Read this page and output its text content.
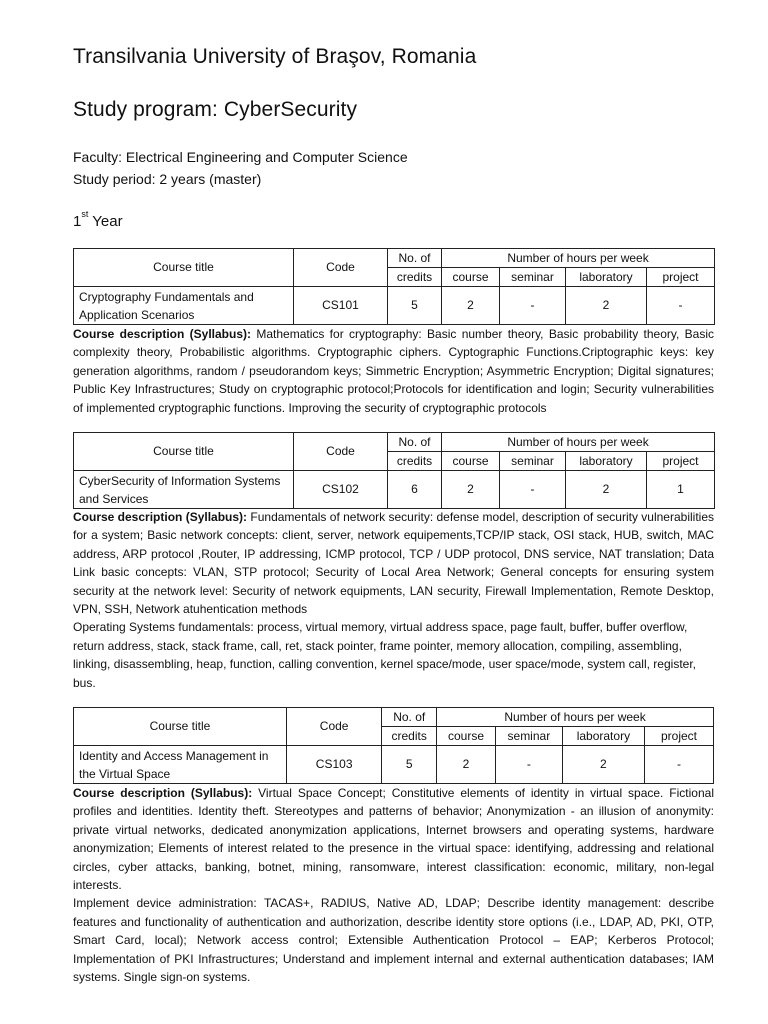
Transilvania University of Braşov, Romania
Study program: CyberSecurity
Faculty: Electrical Engineering and Computer Science
Study period: 2 years (master)
1st Year
Course title	Code	No. of	Number of hours per week			
		credits	course	seminar	laboratory	project
Cryptography Fundamentals and Application Scenarios	CS101	5	2	-	2	-

Course description (Syllabus): Mathematics for cryptography: Basic number theory, Basic probability theory, Basic complexity theory, Probabilistic algorithms. Cryptographic ciphers. Cyptographic Functions.Criptographic keys: key generation algorithms, random / pseudorandom keys; Simmetric Encryption; Asymmetric Encryption; Digital signatures; Public Key Infrastructures; Study on cryptographic protocol;Protocols for identification and login; Security vulnerabilities of implemented cryptographic functions. Improving the security of cryptographic protocols

Course title	Code	No. of	Number of hours per week			
		credits	course	seminar	laboratory	project
CyberSecurity of Information Systems and Services	CS102	6	2	-	2	1

Course description (Syllabus): Fundamentals of network security: defense model, description of security vulnerabilities for a system; Basic network concepts: client, server, network equipements,TCP/IP stack, OSI stack, HUB, switch, MAC address, ARP protocol ,Router, IP addressing, ICMP protocol, TCP / UDP protocol, DNS service, NAT translation; Data Link basic concepts: VLAN, STP protocol; Security of Local Area Network; General concepts for ensuring system security at the network level: Security of network equipments, LAN security, Firewall Implementation, Remote Desktop, VPN, SSH, Network atuhentication methods

Operating Systems fundamentals: process, virtual memory, virtual address space, page fault, buffer, buffer overflow, return address, stack, stack frame, call, ret, stack pointer, frame pointer, memory allocation, compiling, assembling, linking, disassembling, heap, function, calling convention, kernel space/mode, user space/mode, system call, register, bus.

Course title	Code	No. of	Number of hours per week			
		credits	course	seminar	laboratory	project
Identity and Access Management in the Virtual Space	CS103	5	2	-	2	-

Course description (Syllabus): Virtual Space Concept; Constitutive elements of identity in virtual space. Fictional profiles and identities. Identity theft. Stereotypes and patterns of behavior; Anonymization - an illusion of anonymity: private virtual networks, dedicated anonymization applications, Internet browsers and operating systems, hardware anonymization; Elements of interest related to the presence in the virtual space: identifying, addressing and relational circles, cyber attacks, banking, botnet, mining, ransomware, interest classification: economic, military, non-legal interests.

Implement device administration: TACAS+, RADIUS, Native AD, LDAP; Describe identity management: describe features and functionality of authentication and authorization, describe identity store options (i.e., LDAP, AD, PKI, OTP, Smart Card, local); Network access control; Extensible Authentication Protocol – EAP; Kerberos Protocol; Implementation of PKI Infrastructures; Understand and implement internal and external authentication databases; IAM systems. Single sign-on systems.
